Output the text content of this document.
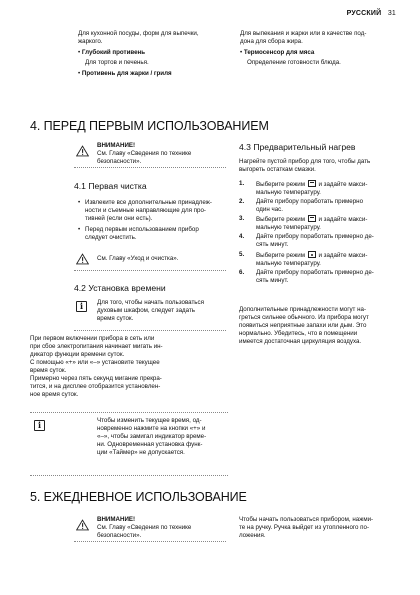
РУССКИЙ 31
Для кухонной посуды, форм для выпечки,
жаркого.
• Глубокий противень
Для тортов и печенья.
• Противень для жарки / гриля
Для выпекания и жарки или в качестве под-
дона для сбора жира.
• Термосенсор для мяса
Определение готовности блюда.
4. ПЕРЕД ПЕРВЫМ ИСПОЛЬЗОВАНИЕМ
ВНИМАНИЕ!
См. Главу «Сведения по технике
безопасности».
4.1 Первая чистка
• Извлеките все дополнительные принадлеж-
ности и съемные направляющие для про-
тивней (если они есть).
• Перед первым использованием прибор
следует очистить.
См. Главу «Уход и очистка».
4.2 Установка времени
i	Для того, чтобы начать пользоваться
духовым шкафом, следует задать
время суток.
При первом включении прибора в сеть или
при сбое электропитания начинает мигать ин-
дикатор функции времени суток.
С помощью «+» или «–» установите текущее
время суток.
Примерно через пять секунд мигание прекра-
тится, и на дисплее отобразится установлен-
ное время суток.
i	Чтобы изменить текущее время, од-
новременно нажмите на кнопки «+» и
«–», чтобы замигал индикатор време-
ни. Одновременная установка функ-
ции «Таймер» не допускается.
4.3 Предварительный нагрев
Нагрейте пустой прибор для того, чтобы дать
выгореть остаткам смазки.
1. Выберите режим и задайте макси-
мальную температуру.
2. Дайте прибору поработать примерно
один час.
3. Выберите режим и задайте макси-
мальную температуру.
4. Дайте прибору поработать примерно де-
сять минут.
5. Выберите режим и задайте макси-
мальную температуру.
6. Дайте прибору поработать примерно де-
сять минут.
Дополнительные принадлежности могут на-
греться сильнее обычного. Из прибора могут
появиться неприятные запахи или дым. Это
нормально. Убедитесь, что в помещении
имеется достаточная циркуляция воздуха.
5. ЕЖЕДНЕВНОЕ ИСПОЛЬЗОВАНИЕ
ВНИМАНИЕ!
См. Главу «Сведения по технике
безопасности».
Чтобы начать пользоваться прибором, нажми-
те на ручку. Ручка выйдет из утопленного по-
ложения.
